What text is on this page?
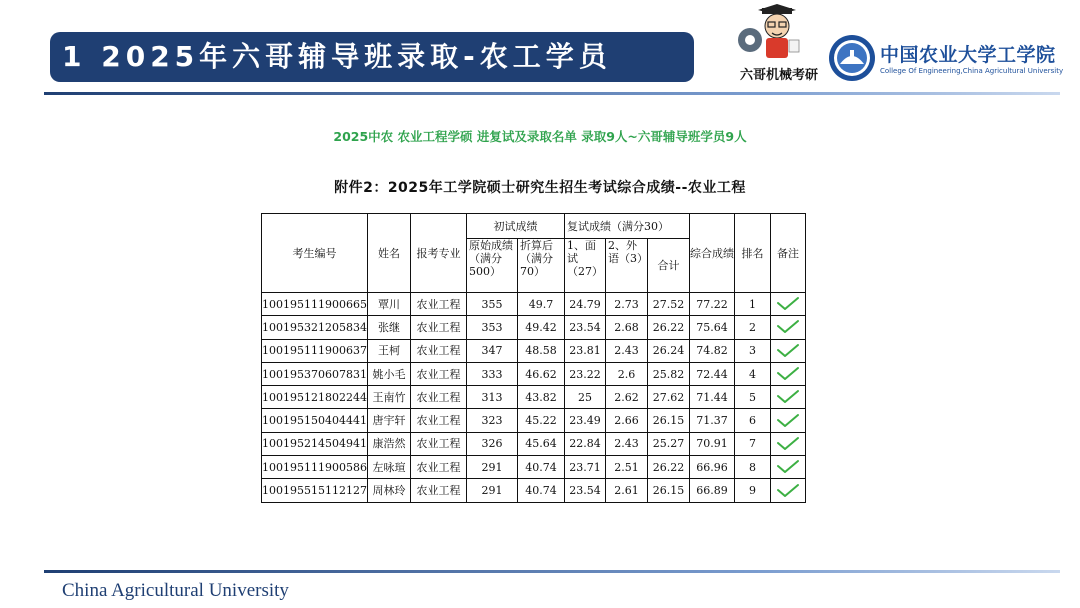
1 2025年六哥辅导班录取-农工学员
六哥机械考研
中国农业大学工学院
College Of Engineering,China Agricultural University
2025中农 农业工程学硕 进复试及录取名单 录取9人~六哥辅导班学员9人
附件2：2025年工学院硕士研究生招生考试综合成绩--农业工程
考生编号	姓名	报考专业	初试成绩		复试成绩（满分30）			综合成绩	排名	备注
			原始成绩（满分500）	折算后（满分70）	1、面试（27）	2、外语（3）	合计			
100195111900665	覃川	农业工程	355	49.7	24.79	2.73	27.52	77.22	1	

100195321205834	张继	农业工程	353	49.42	23.54	2.68	26.22	75.64	2	

100195111900637	王柯	农业工程	347	48.58	23.81	2.43	26.24	74.82	3	

100195370607831	姚小毛	农业工程	333	46.62	23.22	2.6	25.82	72.44	4	

100195121802244	王南竹	农业工程	313	43.82	25	2.62	27.62	71.44	5	

100195150404441	唐宇轩	农业工程	323	45.22	23.49	2.66	26.15	71.37	6	

100195214504941	康浩然	农业工程	326	45.64	22.84	2.43	25.27	70.91	7	

100195111900586	左咏瑄	农业工程	291	40.74	23.71	2.51	26.22	66.96	8	

100195515112127	周林玲	农业工程	291	40.74	23.54	2.61	26.15	66.89	9	
China Agricultural University
